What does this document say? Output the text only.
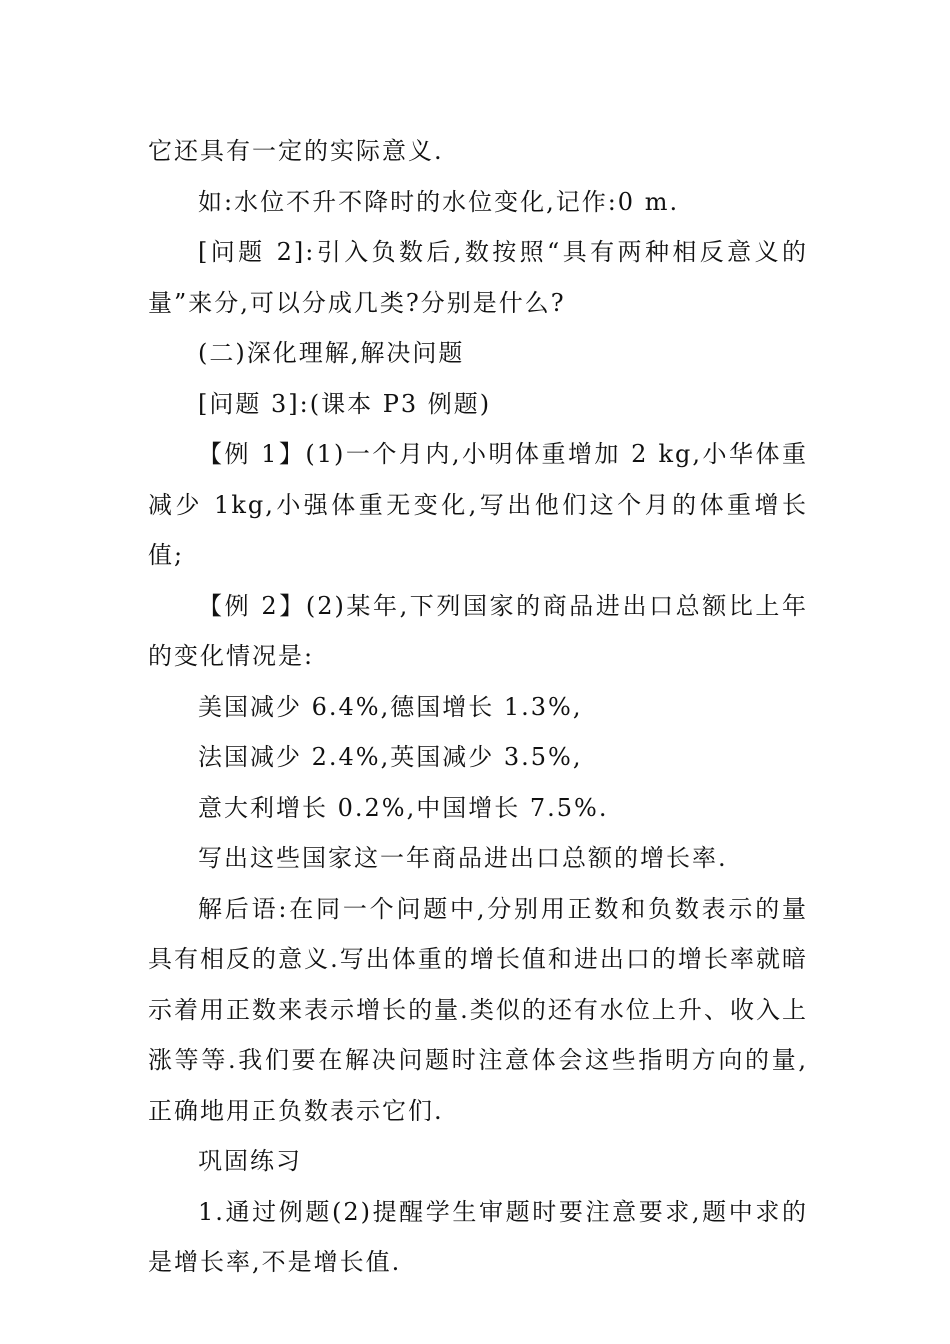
它还具有一定的实际意义.

如:水位不升不降时的水位变化,记作:0 m.

[问题 2]:引入负数后,数按照“具有两种相反意义的量”来分,可以分成几类?分别是什么?

(二)深化理解,解决问题

[问题 3]:(课本 P3 例题)

【例 1】(1)一个月内,小明体重增加 2 kg,小华体重减少 1kg,小强体重无变化,写出他们这个月的体重增长值;

【例 2】(2)某年,下列国家的商品进出口总额比上年的变化情况是:

美国减少 6.4%,德国增长 1.3%,

法国减少 2.4%,英国减少 3.5%,

意大利增长 0.2%,中国增长 7.5%.

写出这些国家这一年商品进出口总额的增长率.

解后语:在同一个问题中,分别用正数和负数表示的量具有相反的意义.写出体重的增长值和进出口的增长率就暗示着用正数来表示增长的量.类似的还有水位上升、收入上涨等等.我们要在解决问题时注意体会这些指明方向的量,正确地用正负数表示它们.

巩固练习

1.通过例题(2)提醒学生审题时要注意要求,题中求的是增长率,不是增长值.
